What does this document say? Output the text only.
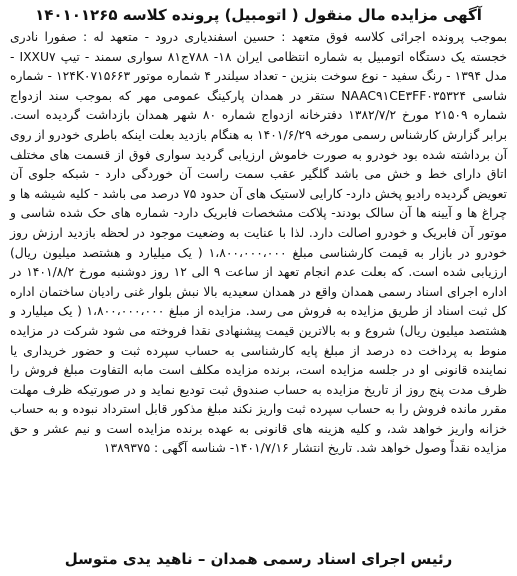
آگهی مزایده مال منقول ( اتومبیل) پرونده کلاسه ۱۴۰۱۰۱۲۶۵

بموجب پرونده اجرائی کلاسه فوق متعهد : حسین اسفندیاری درود - متعهد له : صفورا نادری خجسته یک دستگاه اتومبیل به شماره انتظامی ایران ۱۸- ۷۸۸ج۸۱ سواری سمند - تیپ IXXU۷ - مدل ۱۳۹۴ - رنگ سفید - نوع سوخت بنزین - تعداد سیلندر ۴ شماره موتور ۱۲۴K۰۷۱۵۶۶۳ - شماره شاسی NAAC۹۱CE۳FF۰۳۵۳۲۴ ستقر در همدان پارکینگ عمومی مهر که بموجب سند ازدواج شماره ۲۱۵۰۹ مورخ ۱۳۸۲/۷/۲ دفترخانه ازدواج شماره ۸۰ شهر همدان بازداشت گردیده است. برابر گزارش کارشناس رسمی مورخه ۱۴۰۱/۶/۲۹ به هنگام بازدید بعلت اینکه باطری خودرو از روی آن برداشته شده بود خودرو به صورت خاموش ارزیابی گردید سواری فوق از قسمت های مختلف اتاق دارای خط و خش می باشد گلگیر عقب سمت راست آن خوردگی دارد - شبکه جلوی آن تعویض گردیده رادیو پخش دارد- کارایی لاستیک های آن حدود ۷۵ درصد می باشد - کلیه شیشه ها و چراغ ها و آیینه ها آن سالک بودند- پلاکت مشخصات فابریک دارد- شماره های حک شده شاسی و موتور آن فابریک و خودرو اصالت دارد. لذا با عنایت به وضعیت موجود در لحظه بازدید ارزش روز خودرو در بازار به قیمت کارشناسی مبلغ ۱،۸۰۰،۰۰۰،۰۰۰ ( یک میلیارد و هشتصد میلیون ریال) ارزیابی شده است. که بعلت عدم انجام تعهد از ساعت ۹ الی ۱۲ روز دوشنبه مورخ ۱۴۰۱/۸/۲ در اداره اجرای اسناد رسمی همدان واقع در همدان سعیدیه بالا نبش بلوار غنی رادیان ساختمان اداره کل ثبت اسناد از طریق مزایده به فروش می رسد. مزایده از مبلغ ۱،۸۰۰،۰۰۰،۰۰۰ ( یک میلیارد و هشتصد میلیون ریال) شروع و به بالاترین قیمت پیشنهادی نقدا فروخته می شود شرکت در مزایده منوط به پرداخت ده درصد از مبلغ پایه کارشناسی به حساب سپرده ثبت و حضور خریداری یا نماینده قانونی او در جلسه مزایده است، برنده مزایده مکلف است مابه التفاوت مبلغ فروش را ظرف مدت پنج روز از تاریخ مزایده به حساب صندوق ثبت تودیع نماید و در صورتیکه ظرف مهلت مقرر مانده فروش را به حساب سپرده ثبت واریز نکند مبلغ مذکور قابل استرداد نبوده و به حساب خزانه واریز خواهد شد، و کلیه هزینه های قانونی به عهده برنده مزایده است و نیم عشر و حق مزایده نقداً وصول خواهد شد. تاریخ انتشار ۱۴۰۱/۷/۱۶- شناسه آگهی : ۱۳۸۹۳۷۵

رئیس اجرای اسناد رسمی همدان – ناهید یدی متوسل
